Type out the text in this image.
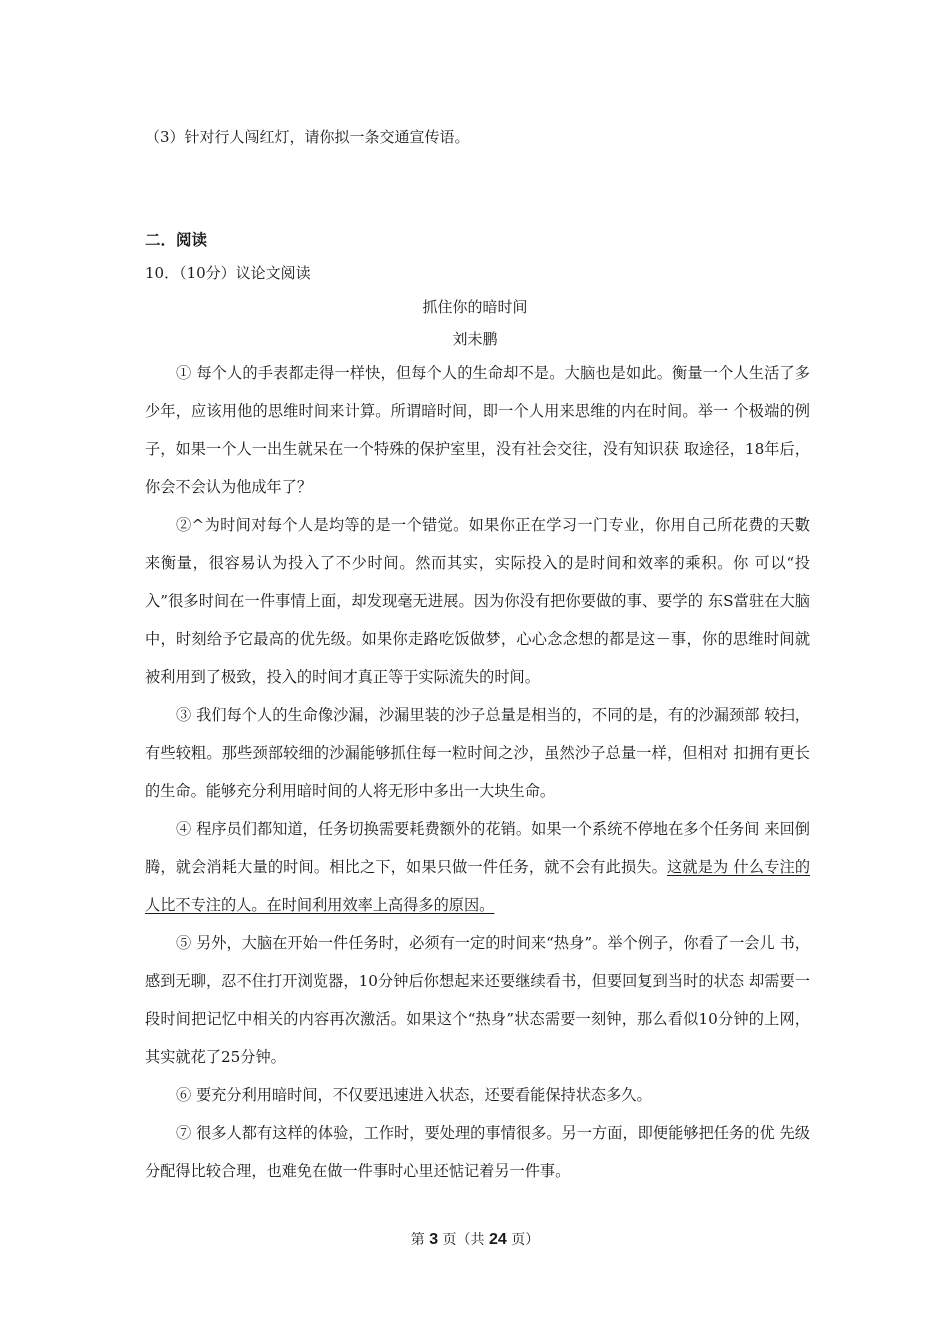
（3）针对行人闯红灯，请你拟一条交通宣传语。
二．阅读
10．（10分）议论文阅读
抓住你的暗时间
刘未鹏

① 每个人的手表都走得一样快，但每个人的生命却不是。大脑也是如此。衡量一个人生活了多少年，应该用他的思维时间来计算。所谓暗时间，即一个人用来思维的内在时间。举一 个极端的例子，如果一个人一出生就呆在一个特殊的保护室里，没有社会交往，没有知识获 取途径，18年后，你会不会认为他成年了？

②^为时间对每个人是均等的是一个错觉。如果你正在学习一门专业，你用自己所花费的天數来衡量，很容易认为投入了不少时间。然而其实，实际投入的是时间和效率的乘积。你 可以“投入”很多时间在一件事情上面，却发现毫无进展。因为你没有把你要做的事、要学的 东S當驻在大脑中，时刻给予它最高的优先级。如果你走路吃饭做梦，心心念念想的都是这－事，你的思维时间就被利用到了极致，投入的时间才真正等于实际流失的时间。

③ 我们每个人的生命像沙漏，沙漏里装的沙子总量是相当的，不同的是，有的沙漏颈部 较扫，有些较粗。那些颈部较细的沙漏能够抓住每一粒时间之沙，虽然沙子总量一样，但相对 扣拥有更长的生命。能够充分利用暗时间的人将无形中多出一大块生命。

④ 程序员们都知道，任务切换需要耗费额外的花销。如果一个系统不停地在多个任务间 来回倒腾，就会消耗大量的时间。相比之下，如果只做一件任务，就不会有此损失。这就是为 什么专注的人比不专注的人。在时间利用效率上高得多的原因。

⑤ 另外，大脑在开始一件任务时，必须有一定的时间来“热身”。举个例子，你看了一会儿 书，感到无聊，忍不住打开浏览器，10分钟后你想起来还要继续看书，但要回复到当时的状态 却需要一段时间把记忆中相关的内容再次激活。如果这个“热身”状态需要一刻钟，那么看似10分钟的上网，其实就花了25分钟。

⑥ 要充分利用暗时间，不仅要迅速进入状态，还要看能保持状态多久。

⑦ 很多人都有这样的体验，工作时，要处理的事情很多。另一方面，即便能够把任务的优 先级分配得比较合理，也难免在做一件事时心里还惦记着另一件事。

第 3 页（共 24 页）
